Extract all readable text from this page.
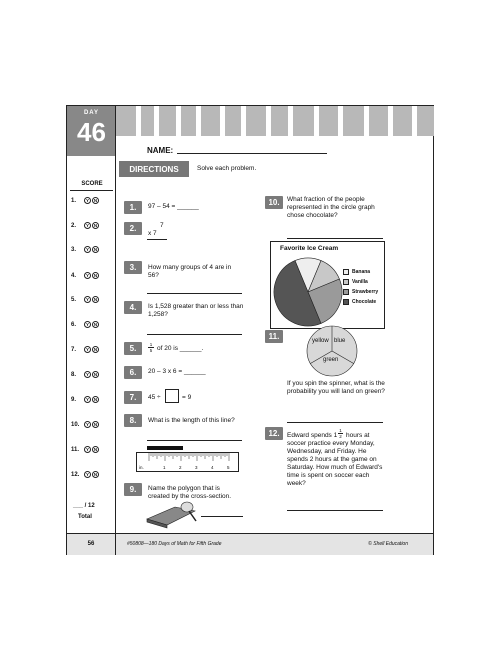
DAY
46
NAME:
DIRECTIONS	Solve each problem.
SCORE
1.	Y	N
2.	Y	N
3.	Y	N
4.	Y	N
5.	Y	N
6.	Y	N
7.	Y	N
8.	Y	N
9.	Y	N
10.	Y	N
11.	Y	N
12.	Y	N
___ / 12
Total
1.	97 – 54 = ______
2.	7
x 7
3.	How many groups of 4 are in 56?
4.	Is 1,528 greater than or less than 1,258?
5.	1
5 of 20 is ______.
6.	20 – 3 x 6 = ______
7.	45 ÷	= 9
8.	What is the length of this line?
in.	1	2	3	4	5
9.	Name the polygon that is created by the cross-section.
10.	What fraction of the people represented in the circle graph chose chocolate?
Favorite Ice Cream
Banana
Vanilla
Strawberry
Chocolate
11.	yellow blue
green
If you spin the spinner, what is the probability you will land on green?
12.	Edward spends 1
1
2 hours at
soccer practice every Monday, Wednesday, and Friday. He spends 2 hours at the game on Saturday. How much of Edward's time is spent on soccer each week?
56	#50808—180 Days of Math for Fifth Grade	© Shell Education
